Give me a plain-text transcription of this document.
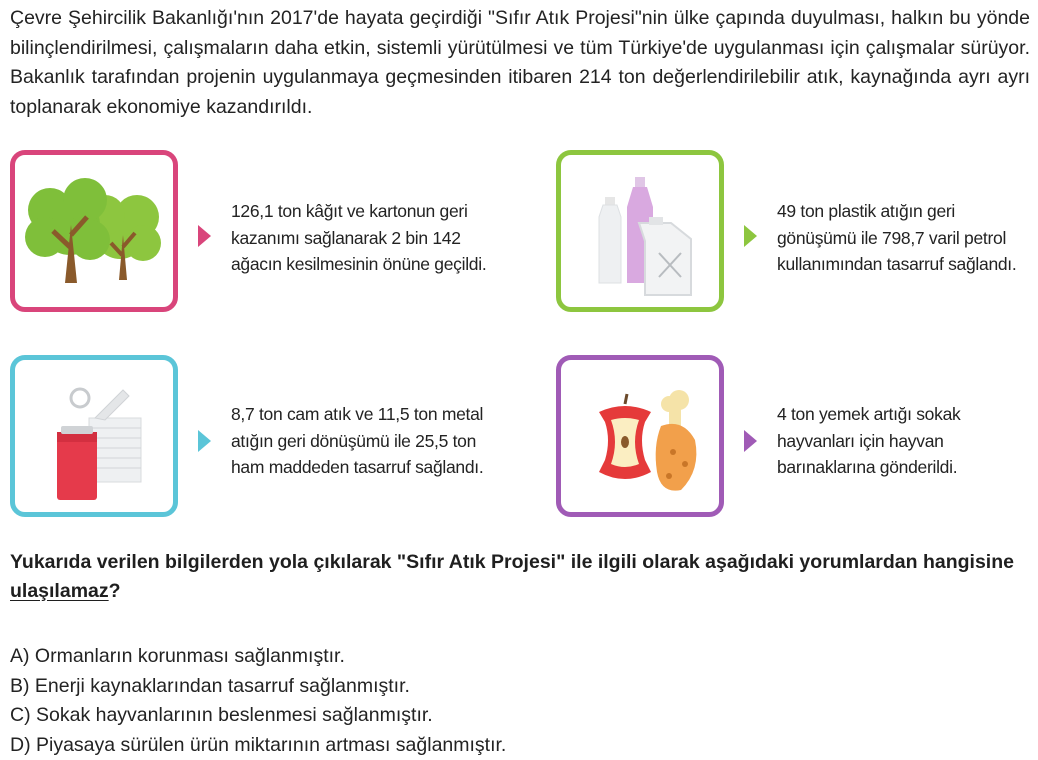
Çevre Şehircilik Bakanlığı'nın 2017'de hayata geçirdiği "Sıfır Atık Projesi"nin ülke çapında duyulması, halkın bu yönde bilinçlendirilmesi, çalışmaların daha etkin, sistemli yürütülmesi ve tüm Türkiye'de uygulanması için çalışmalar sürüyor. Bakanlık tarafından projenin uygulanmaya geçmesinden itibaren 214 ton değerlendirilebilir atık, kaynağında ayrı ayrı toplanarak ekonomiye kazandırıldı.
126,1 ton kâğıt ve kartonun geri
kazanımı sağlanarak 2 bin 142
ağacın kesilmesinin önüne geçildi.
49 ton plastik atığın geri
gönüşümü ile 798,7 varil petrol
kullanımından tasarruf sağlandı.
8,7 ton cam atık ve 11,5 ton metal
atığın geri dönüşümü ile 25,5 ton
ham maddeden tasarruf sağlandı.
4 ton yemek artığı sokak
hayvanları için hayvan
barınaklarına gönderildi.
Yukarıda verilen bilgilerden yola çıkılarak "Sıfır Atık Projesi" ile ilgili olarak aşağıdaki yorumlardan hangisine ulaşılamaz?
A) Ormanların korunması sağlanmıştır.
B) Enerji kaynaklarından tasarruf sağlanmıştır.
C) Sokak hayvanlarının beslenmesi sağlanmıştır.
D) Piyasaya sürülen ürün miktarının artması sağlanmıştır.
